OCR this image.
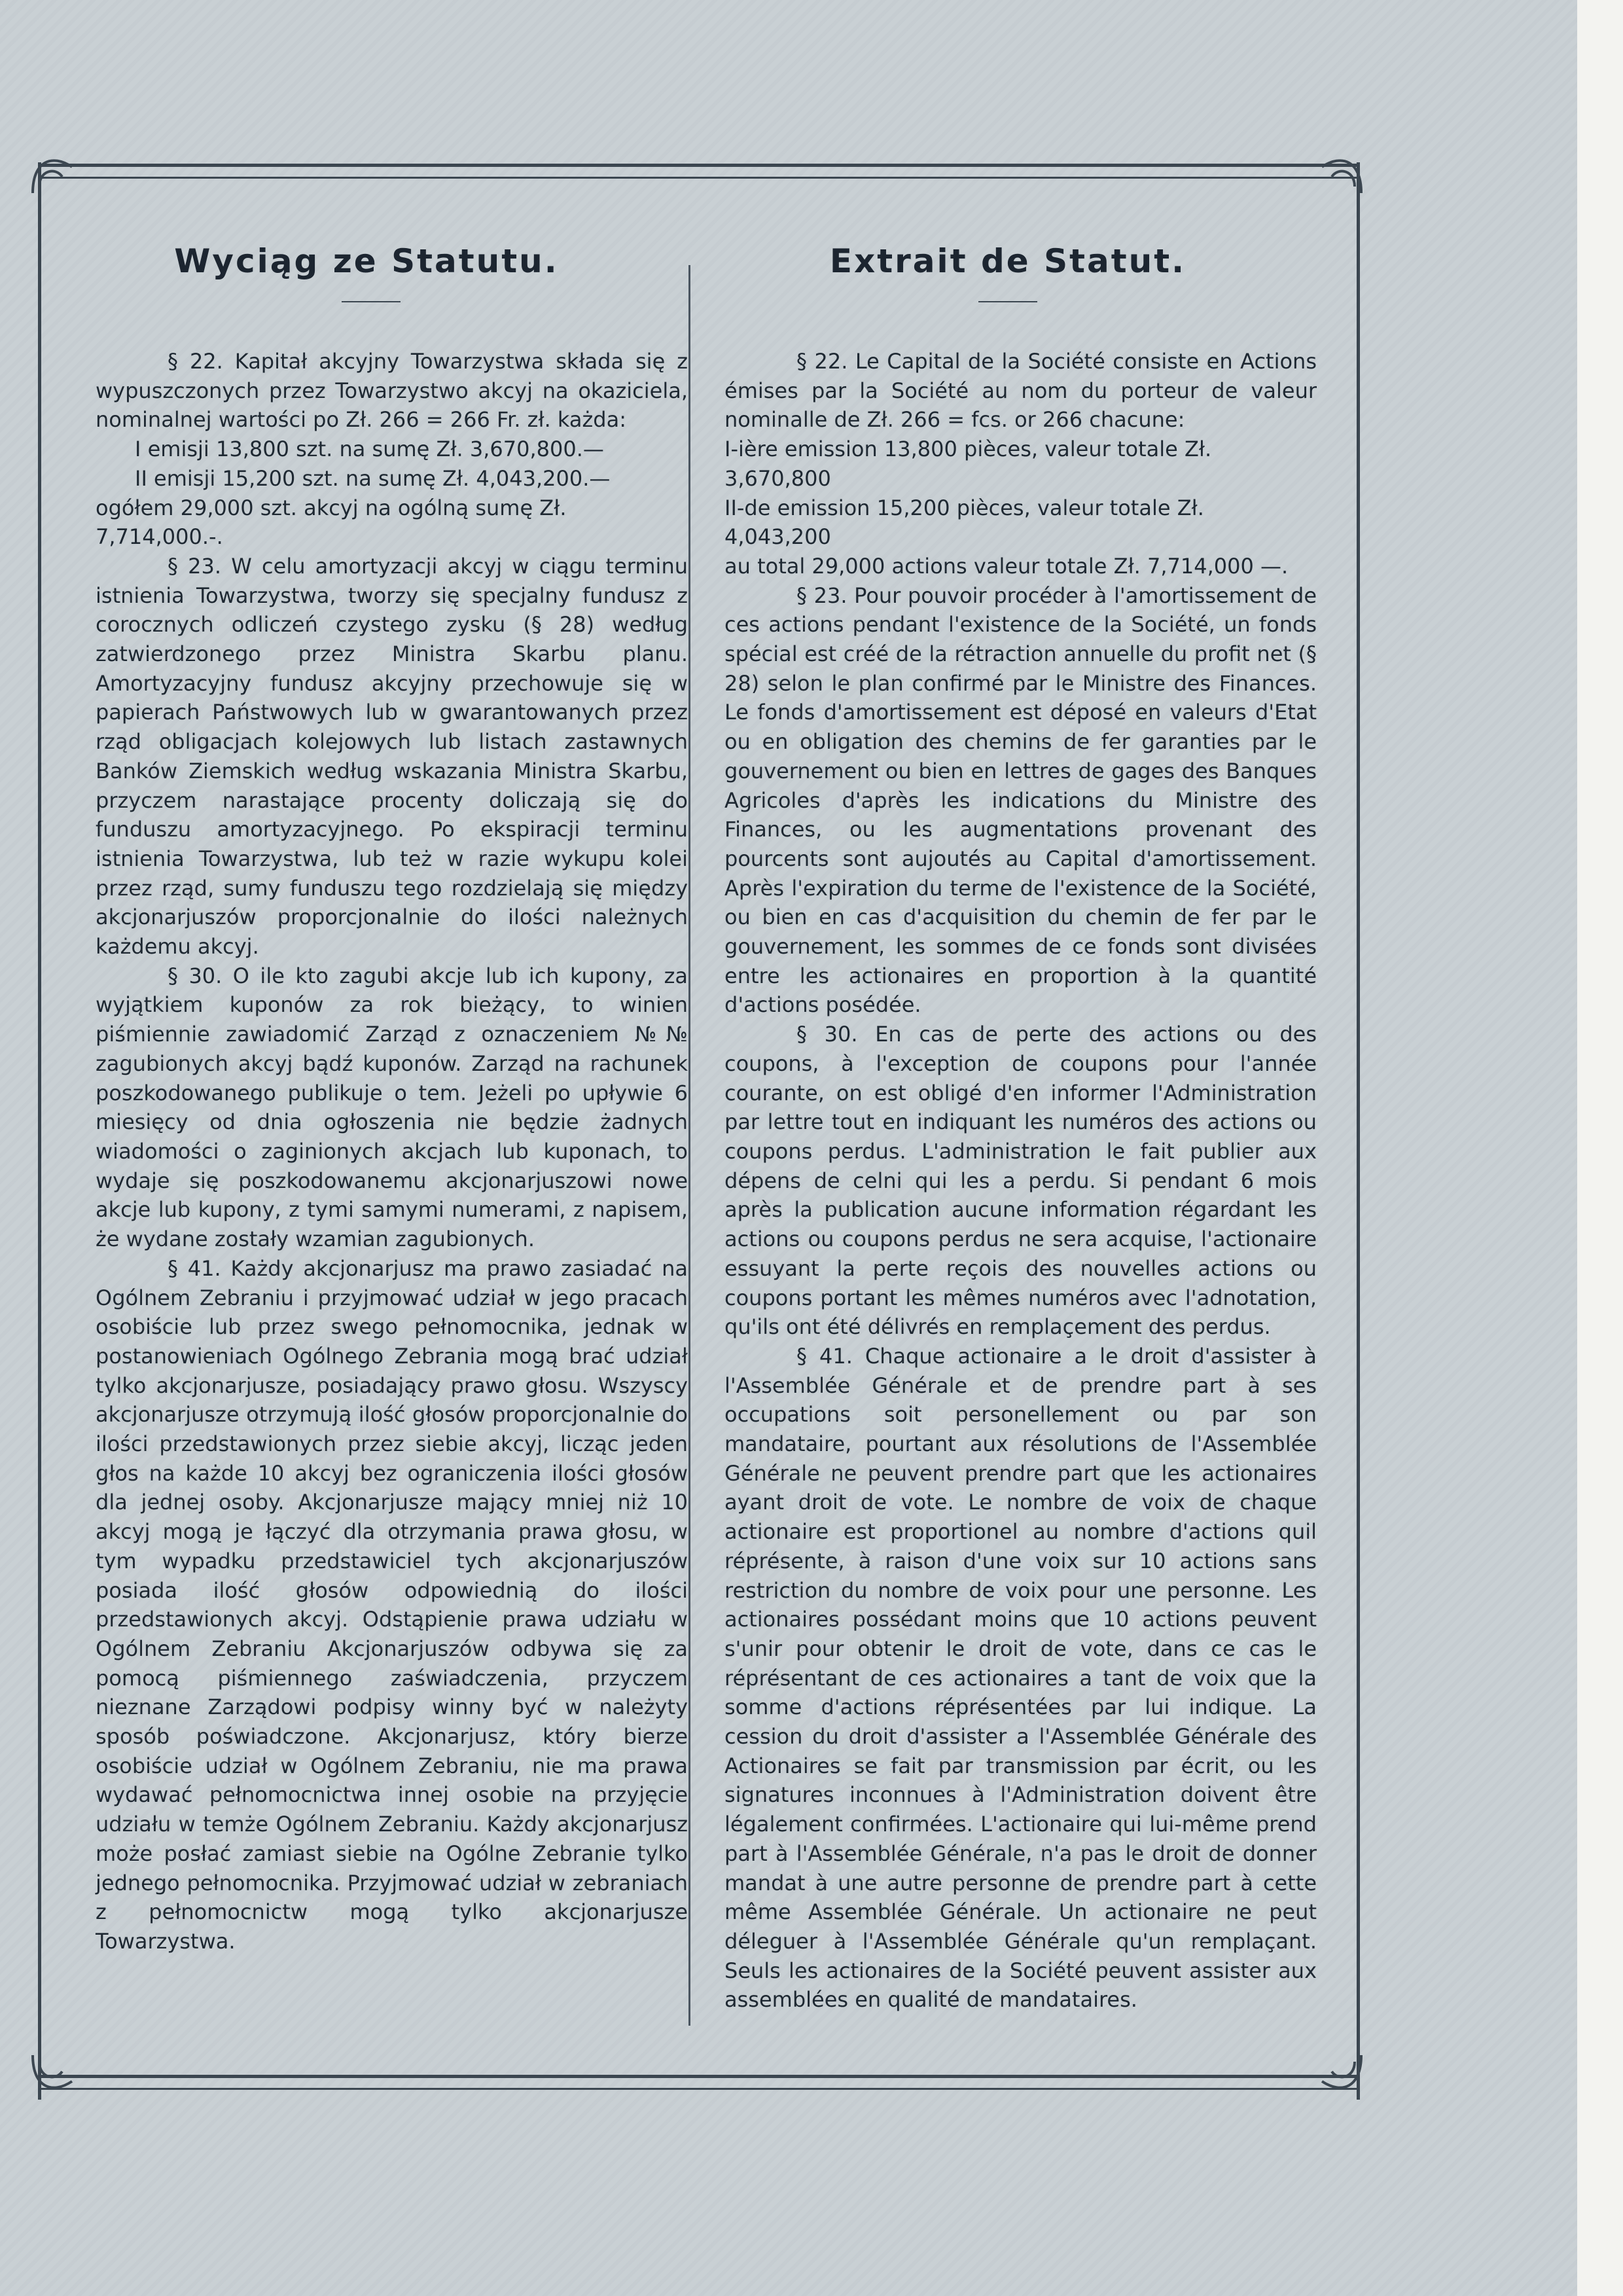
Wyciąg ze Statutu.	Extrait de Statut.

§ 22. Kapitał akcyjny Towarzystwa składa się z wypuszczonych przez Towarzystwo akcyj na okaziciela, nominalnej wartości po Zł. 266 = 266 Fr. zł. każda:

I emisji 13,800 szt. na sumę Zł. 3,670,800.—
II emisji 15,200 szt. na sumę Zł. 4,043,200.—
ogółem 29,000 szt. akcyj na ogólną sumę Zł. 7,714,000.-.

§ 23. W celu amortyzacji akcyj w ciągu terminu istnienia Towarzystwa, tworzy się specjalny fundusz z corocznych odliczeń czystego zysku (§ 28) według zatwierdzonego przez Ministra Skarbu planu. Amortyzacyjny fundusz akcyjny przechowuje się w papierach Państwowych lub w gwarantowanych przez rząd obligacjach kolejowych lub listach zastawnych Banków Ziemskich według wskazania Ministra Skarbu, przyczem narastające procenty doliczają się do funduszu amortyzacyjnego. Po ekspiracji terminu istnienia Towarzystwa, lub też w razie wykupu kolei przez rząd, sumy funduszu tego rozdzielają się między akcjonarjuszów proporcjonalnie do ilości należnych każdemu akcyj.

§ 30. O ile kto zagubi akcje lub ich kupony, za wyjątkiem kuponów za rok bieżący, to winien piśmiennie zawiadomić Zarząd z oznaczeniem №№ zagubionych akcyj bądź kuponów. Zarząd na rachunek poszkodowanego publikuje o tem. Jeżeli po upływie 6 miesięcy od dnia ogłoszenia nie będzie żadnych wiadomości o zaginionych akcjach lub kuponach, to wydaje się poszkodowanemu akcjonarjuszowi nowe akcje lub kupony, z tymi samymi numerami, z napisem, że wydane zostały wzamian zagubionych.

§ 41. Każdy akcjonarjusz ma prawo zasiadać na Ogólnem Zebraniu i przyjmować udział w jego pracach osobiście lub przez swego pełnomocnika, jednak w postanowieniach Ogólnego Zebrania mogą brać udział tylko akcjonarjusze, posiadający prawo głosu. Wszyscy akcjonarjusze otrzymują ilość głosów proporcjonalnie do ilości przedstawionych przez siebie akcyj, licząc jeden głos na każde 10 akcyj bez ograniczenia ilości głosów dla jednej osoby. Akcjonarjusze mający mniej niż 10 akcyj mogą je łączyć dla otrzymania prawa głosu, w tym wypadku przedstawiciel tych akcjonarjuszów posiada ilość głosów odpowiednią do ilości przedstawionych akcyj. Odstąpienie prawa udziału w Ogólnem Zebraniu Akcjonarjuszów odbywa się za pomocą piśmiennego zaświadczenia, przyczem nieznane Zarządowi podpisy winny być w należyty sposób poświadczone. Akcjonarjusz, który bierze osobiście udział w Ogólnem Zebraniu, nie ma prawa wydawać pełnomocnictwa innej osobie na przyjęcie udziału w temże Ogólnem Zebraniu. Każdy akcjonarjusz może posłać zamiast siebie na Ogólne Zebranie tylko jednego pełnomocnika. Przyjmować udział w zebraniach z pełnomocnictw mogą tylko akcjonarjusze Towarzystwa.

§ 22. Le Capital de la Société consiste en Actions émises par la Société au nom du porteur de valeur nominalle de Zł. 266 = fcs. or 266 chacune:

I-ière emission 13,800 pièces, valeur totale Zł. 3,670,800
II-de emission 15,200 pièces, valeur totale Zł. 4,043,200
au total 29,000 actions valeur totale Zł. 7,714,000 —.

§ 23. Pour pouvoir procéder à l'amortissement de ces actions pendant l'existence de la Société, un fonds spécial est créé de la rétraction annuelle du profit net (§ 28) selon le plan confirmé par le Ministre des Finances. Le fonds d'amortissement est déposé en valeurs d'Etat ou en obligation des chemins de fer garanties par le gouvernement ou bien en lettres de gages des Banques Agricoles d'après les indications du Ministre des Finances, ou les augmentations provenant des pourcents sont aujoutés au Capital d'amortissement. Après l'expiration du terme de l'existence de la Société, ou bien en cas d'acquisition du chemin de fer par le gouvernement, les sommes de ce fonds sont divisées entre les actionaires en proportion à la quantité d'actions posédée.

§ 30. En cas de perte des actions ou des coupons, à l'exception de coupons pour l'année courante, on est obligé d'en informer l'Administration par lettre tout en indiquant les numéros des actions ou coupons perdus. L'administration le fait publier aux dépens de celni qui les a perdu. Si pendant 6 mois après la publication aucune information régardant les actions ou coupons perdus ne sera acquise, l'actionaire essuyant la perte reçois des nouvelles actions ou coupons portant les mêmes numéros avec l'adnotation, qu'ils ont été délivrés en remplaçement des perdus.

§ 41. Chaque actionaire a le droit d'assister à l'Assemblée Générale et de prendre part à ses occupations soit personellement ou par son mandataire, pourtant aux résolutions de l'Assemblée Générale ne peuvent prendre part que les actionaires ayant droit de vote. Le nombre de voix de chaque actionaire est proportionel au nombre d'actions quil réprésente, à raison d'une voix sur 10 actions sans restriction du nombre de voix pour une personne. Les actionaires possédant moins que 10 actions peuvent s'unir pour obtenir le droit de vote, dans ce cas le réprésentant de ces actionaires a tant de voix que la somme d'actions réprésentées par lui indique. La cession du droit d'assister a l'Assemblée Générale des Actionaires se fait par transmission par écrit, ou les signatures inconnues à l'Administration doivent être légalement confirmées. L'actionaire qui lui-même prend part à l'Assemblée Générale, n'a pas le droit de donner mandat à une autre personne de prendre part à cette même Assemblée Générale. Un actionaire ne peut déleguer à l'Assemblée Générale qu'un remplaçant. Seuls les actionaires de la Société peuvent assister aux assemblées en qualité de mandataires.
